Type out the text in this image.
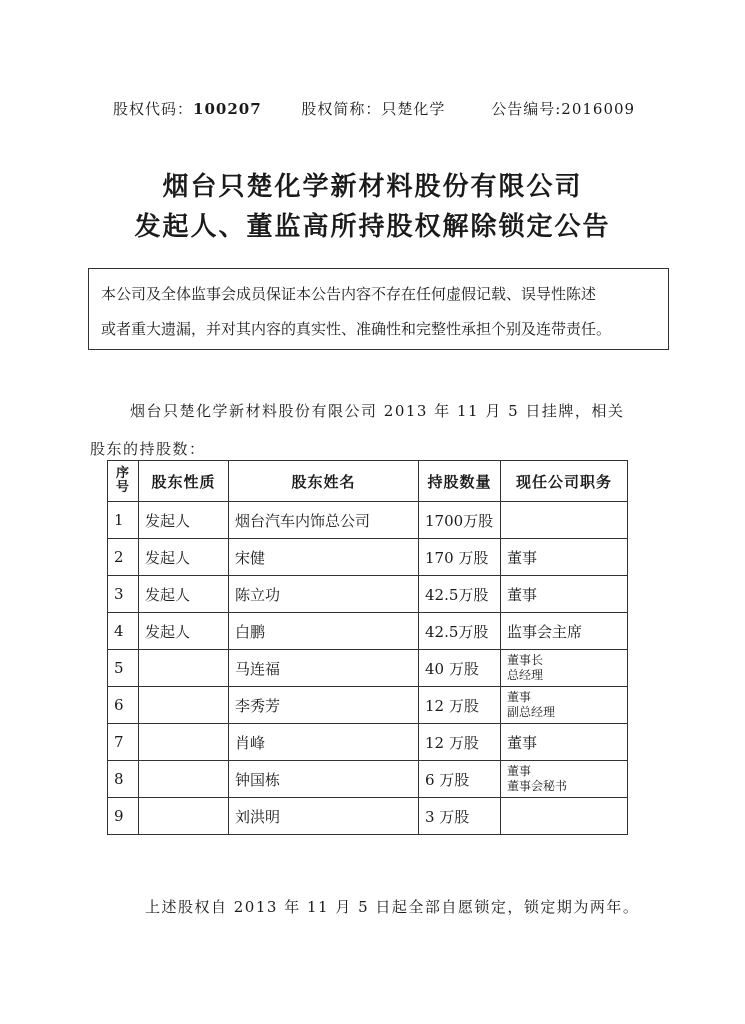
股权代码：100207	股权简称：只楚化学	公告编号:2016009
烟台只楚化学新材料股份有限公司
发起人、董监高所持股权解除锁定公告
本公司及全体监事会成员保证本公告内容不存在任何虚假记载、误导性陈述
或者重大遗漏，并对其内容的真实性、准确性和完整性承担个别及连带责任。
烟台只楚化学新材料股份有限公司 2013 年 11 月 5 日挂牌，相关
股东的持股数：
序
号	股东性质	股东姓名	持股数量	现任公司职务
1	发起人	烟台汽车内饰总公司	1700万股	

2	发起人	宋健	170 万股	董事

3	发起人	陈立功	42.5万股	董事

4	发起人	白鹏	42.5万股	监事会主席

5		马连福	40 万股	董事长
总经理

6		李秀芳	12 万股	董事
副总经理

7		肖峰	12 万股	董事

8		钟国栋	6 万股	董事
董事会秘书

9		刘洪明	3 万股	
上述股权自 2013 年 11 月 5 日起全部自愿锁定，锁定期为两年。
